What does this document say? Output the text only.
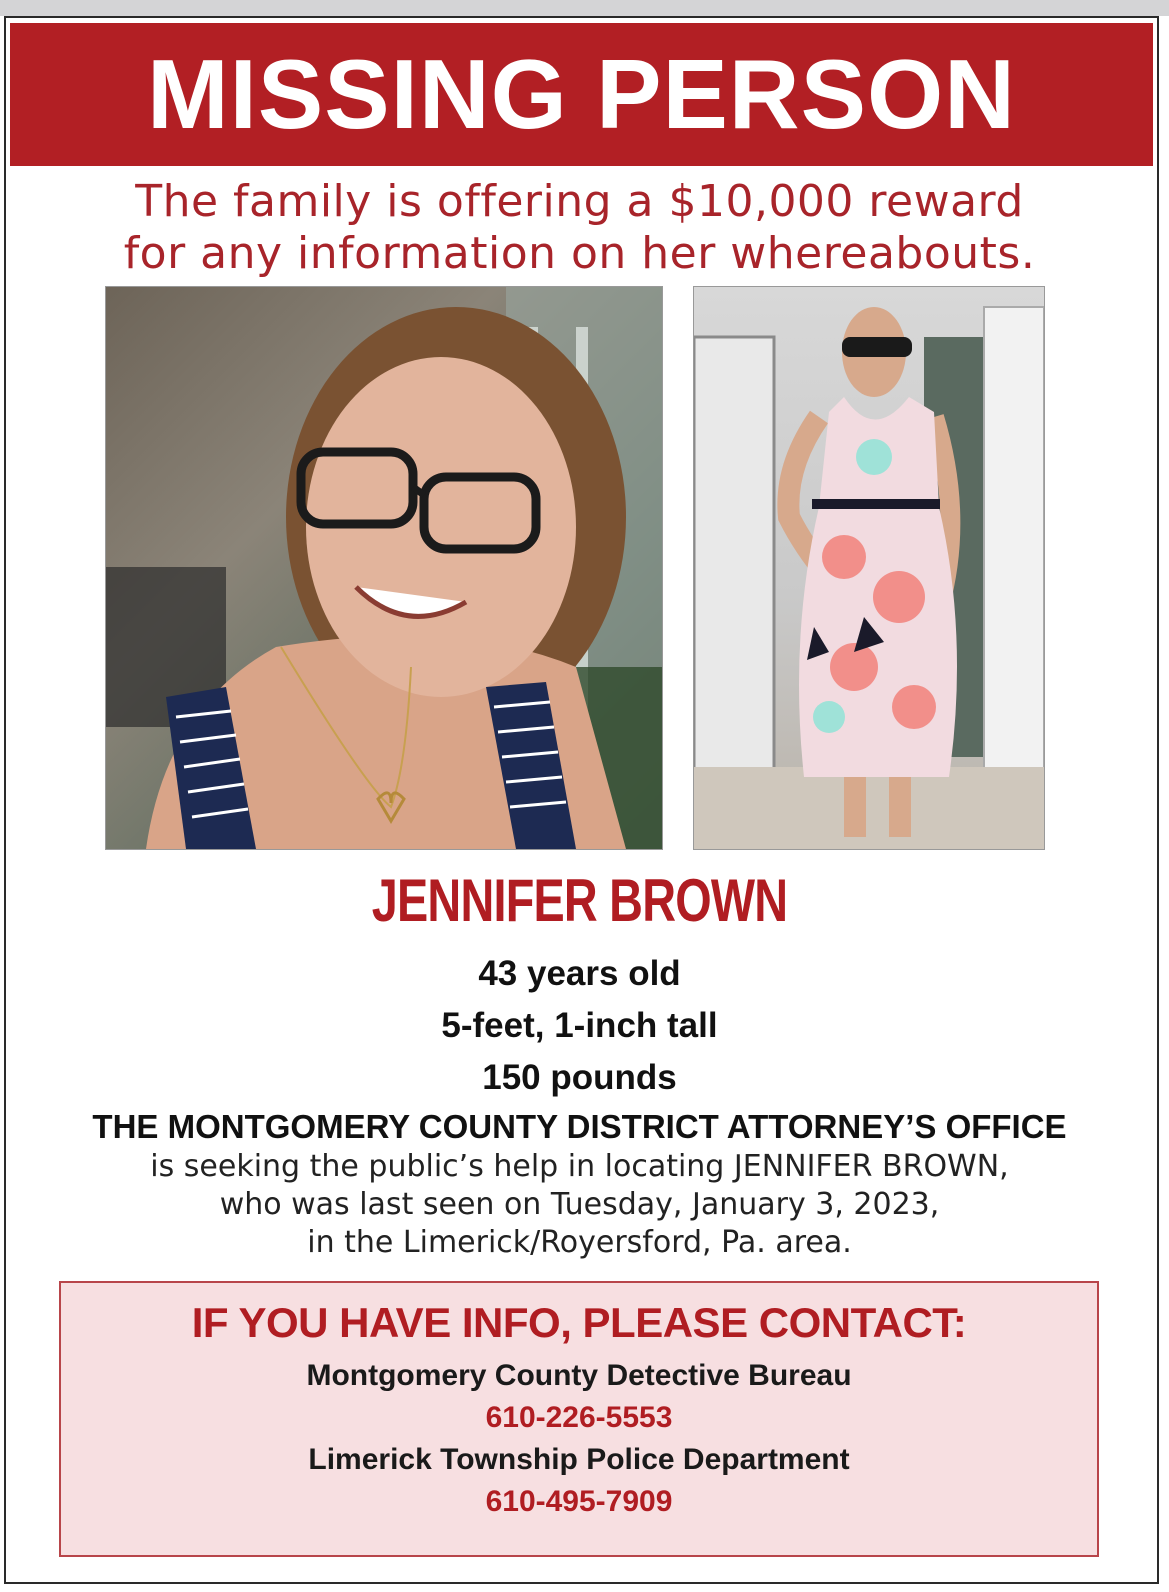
MISSING PERSON
The family is offering a $10,000 reward
for any information on her whereabouts.
JENNIFER BROWN
43 years old
5-feet, 1-inch tall
150 pounds
THE MONTGOMERY COUNTY DISTRICT ATTORNEY’S OFFICE
is seeking the public’s help in locating JENNIFER BROWN,
who was last seen on Tuesday, January 3, 2023,
in the Limerick/Royersford, Pa. area.
IF YOU HAVE INFO, PLEASE CONTACT:
Montgomery County Detective Bureau
610-226-5553
Limerick Township Police Department
610-495-7909
